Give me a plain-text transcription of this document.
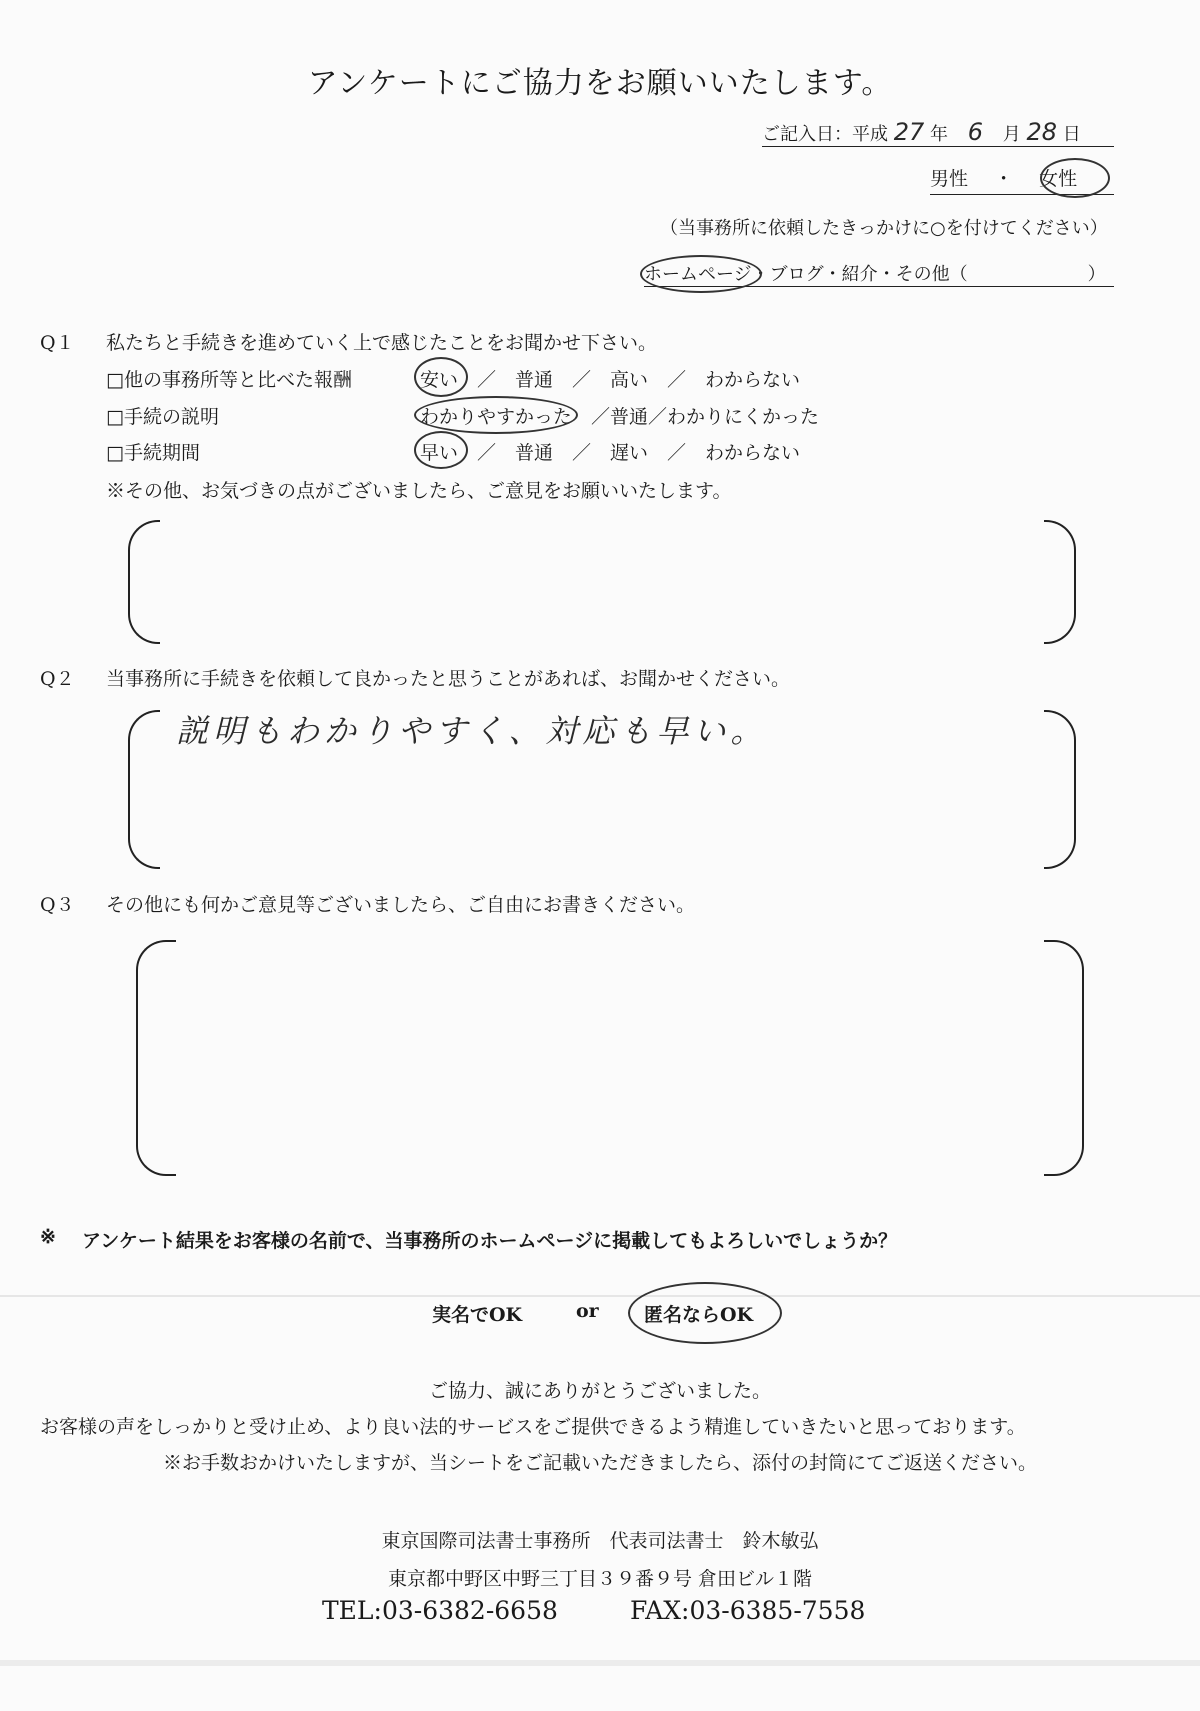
アンケートにご協力をお願いいたします。
ご記入日：平成 27 年 6 月 28 日
男性 ・ 女性
（当事務所に依頼したきっかけに○を付けてください）
ホームページ・ブログ・紹介・その他（	）
Q１ 私たちと手続きを進めていく上で感じたことをお聞かせ下さい。
□他の事務所等と比べた報酬	安い　／　普通　／　高い　／　わからない
□手続の説明	わかりやすかった　／普通／わかりにくかった
□手続期間	早い　／　普通　／　遅い　／　わからない
※その他、お気づきの点がございましたら、ご意見をお願いいたします。
Q２ 当事務所に手続きを依頼して良かったと思うことがあれば、お聞かせください。
説明もわかりやすく、対応も早い。
Q３ その他にも何かご意見等ございましたら、ご自由にお書きください。
※ アンケート結果をお客様の名前で、当事務所のホームページに掲載してもよろしいでしょうか？
実名でOK	or 匿名ならOK
ご協力、誠にありがとうございました。
お客様の声をしっかりと受け止め、より良い法的サービスをご提供できるよう精進していきたいと思っております。
※お手数おかけいたしますが、当シートをご記載いただきましたら、添付の封筒にてご返送ください。
東京国際司法書士事務所　代表司法書士　鈴木敏弘
東京都中野区中野三丁目３９番９号 倉田ビル１階
TEL:03-6382-6658	FAX:03-6385-7558
